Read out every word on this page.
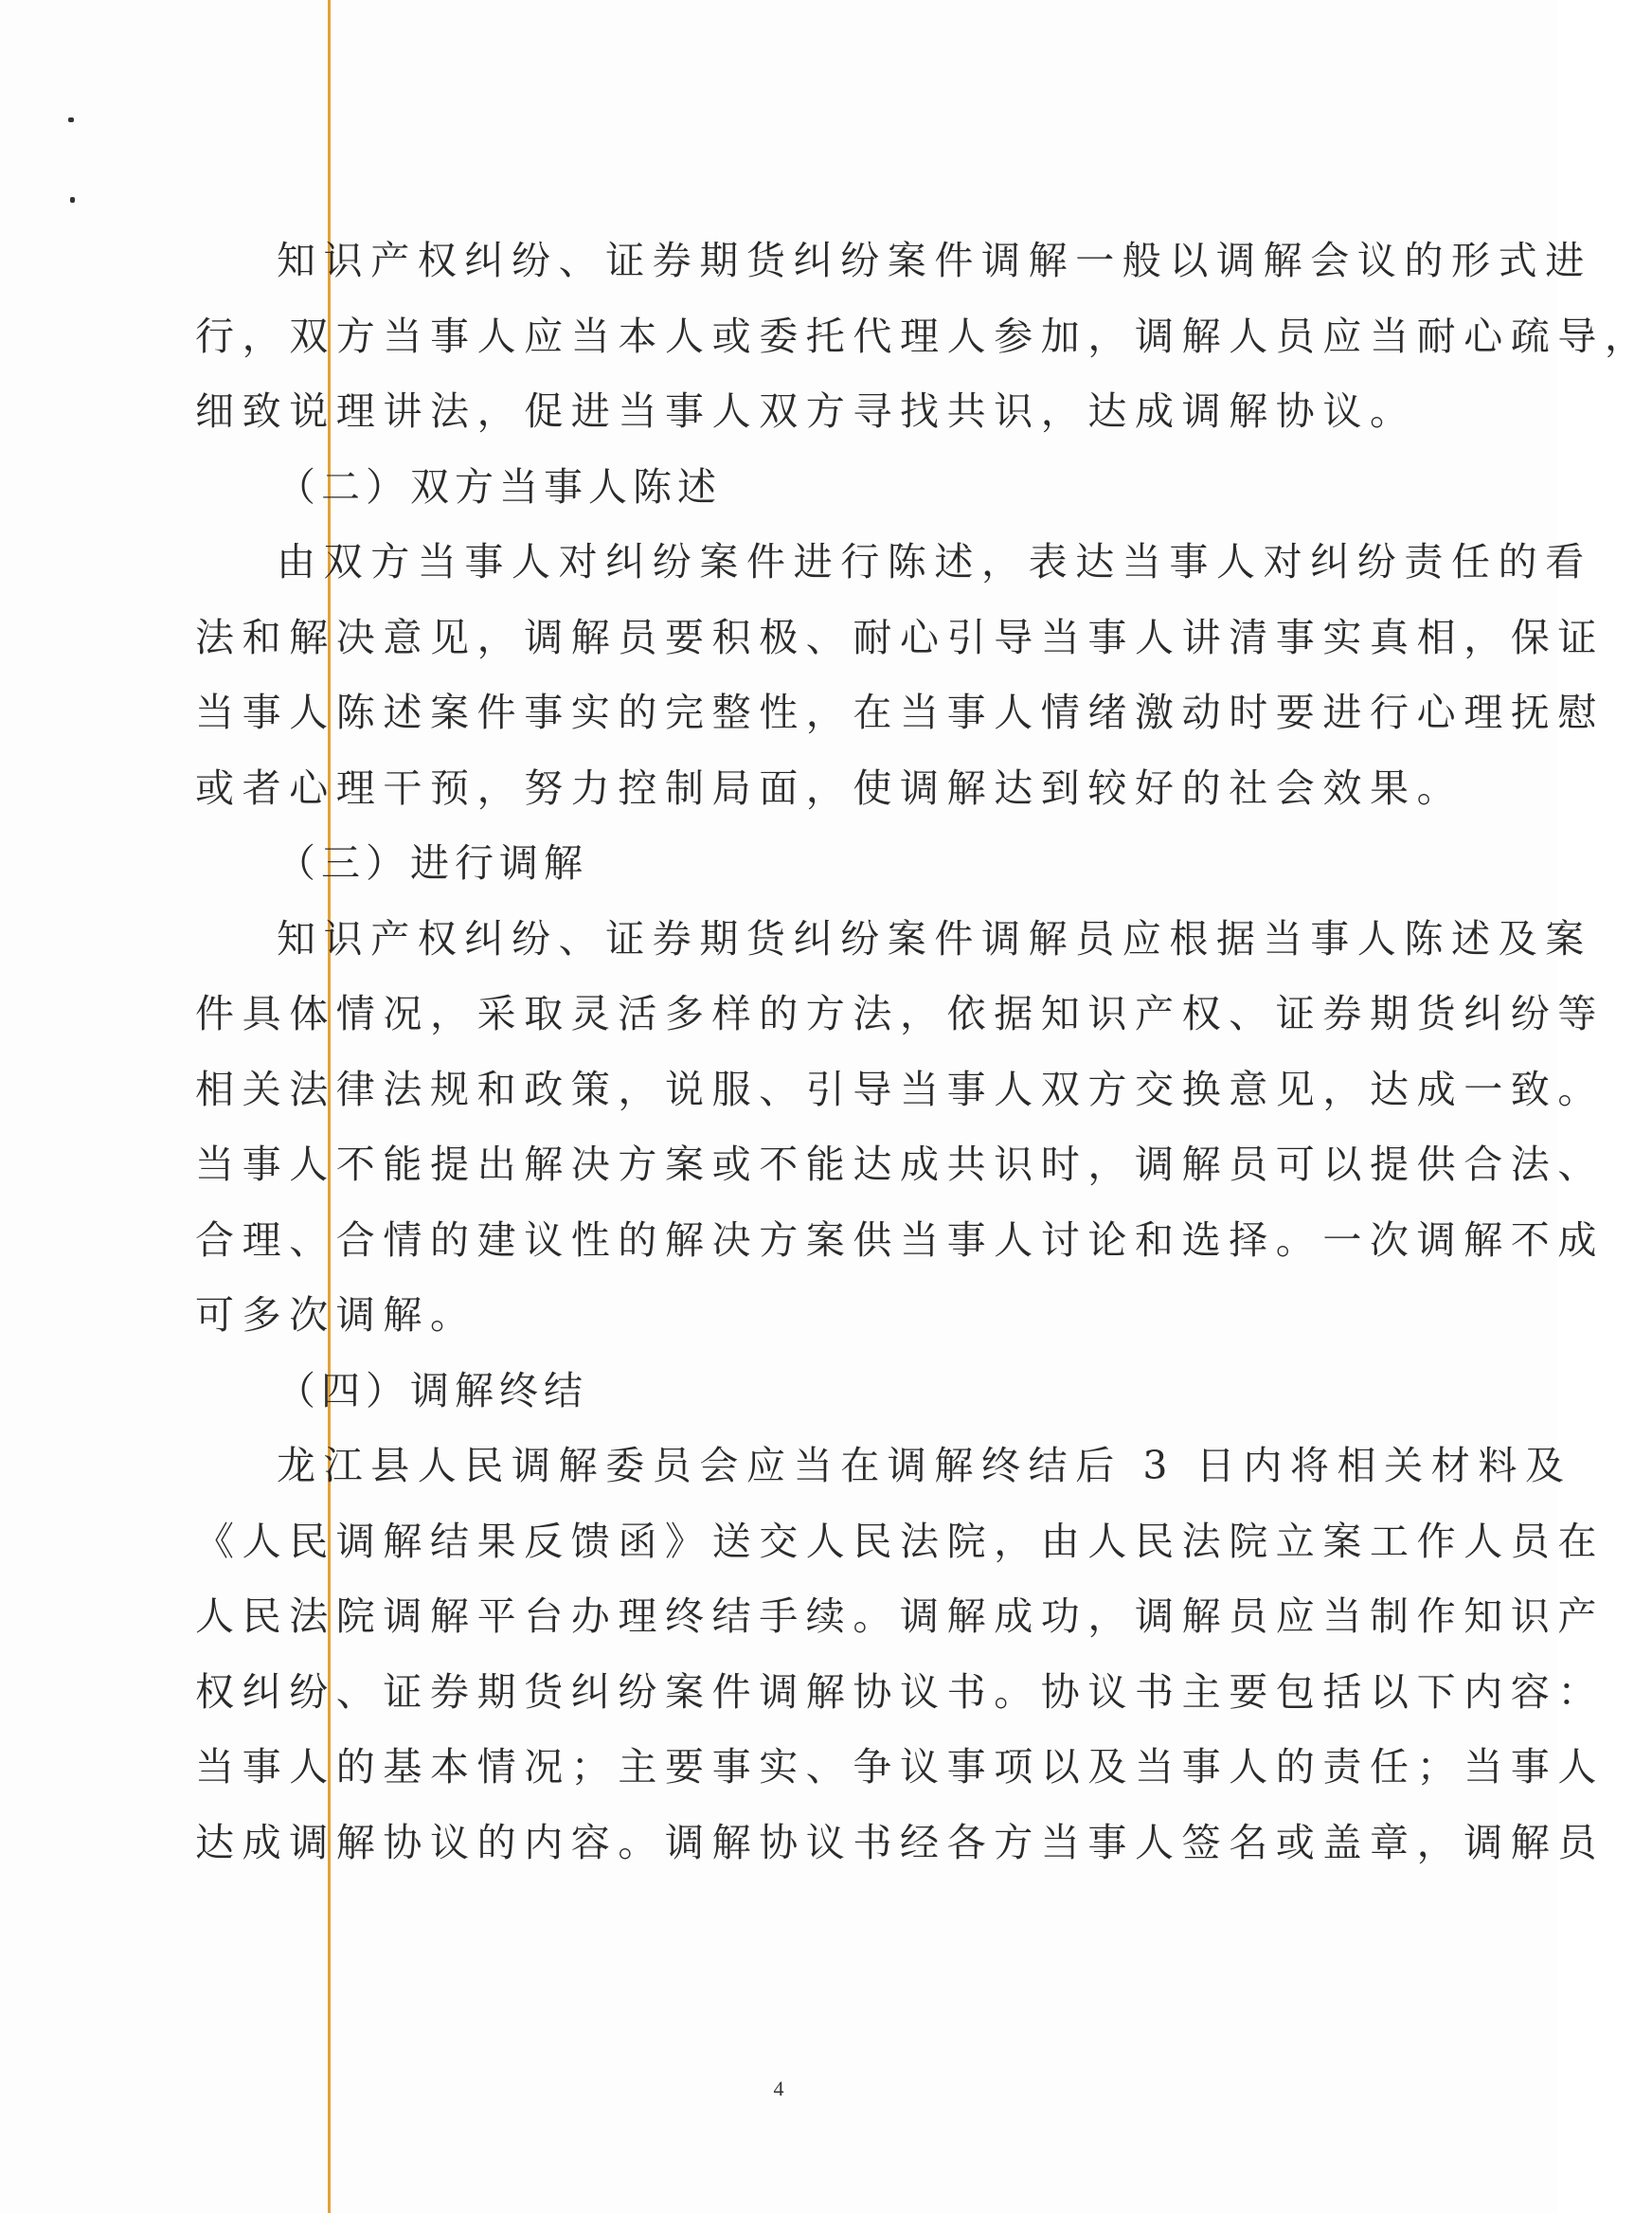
知识产权纠纷、证券期货纠纷案件调解一般以调解会议的形式进
行，双方当事人应当本人或委托代理人参加，调解人员应当耐心疏导，
细致说理讲法，促进当事人双方寻找共识，达成调解协议。
（二）双方当事人陈述
由双方当事人对纠纷案件进行陈述，表达当事人对纠纷责任的看
法和解决意见，调解员要积极、耐心引导当事人讲清事实真相，保证
当事人陈述案件事实的完整性，在当事人情绪激动时要进行心理抚慰
或者心理干预，努力控制局面，使调解达到较好的社会效果。
（三）进行调解
知识产权纠纷、证券期货纠纷案件调解员应根据当事人陈述及案
件具体情况，采取灵活多样的方法，依据知识产权、证券期货纠纷等
相关法律法规和政策，说服、引导当事人双方交换意见，达成一致。
当事人不能提出解决方案或不能达成共识时，调解员可以提供合法、
合理、合情的建议性的解决方案供当事人讨论和选择。一次调解不成
可多次调解。
（四）调解终结
龙江县人民调解委员会应当在调解终结后 3 日内将相关材料及
《人民调解结果反馈函》送交人民法院，由人民法院立案工作人员在
人民法院调解平台办理终结手续。调解成功，调解员应当制作知识产
权纠纷、证券期货纠纷案件调解协议书。协议书主要包括以下内容：
当事人的基本情况；主要事实、争议事项以及当事人的责任；当事人
达成调解协议的内容。调解协议书经各方当事人签名或盖章，调解员
4
